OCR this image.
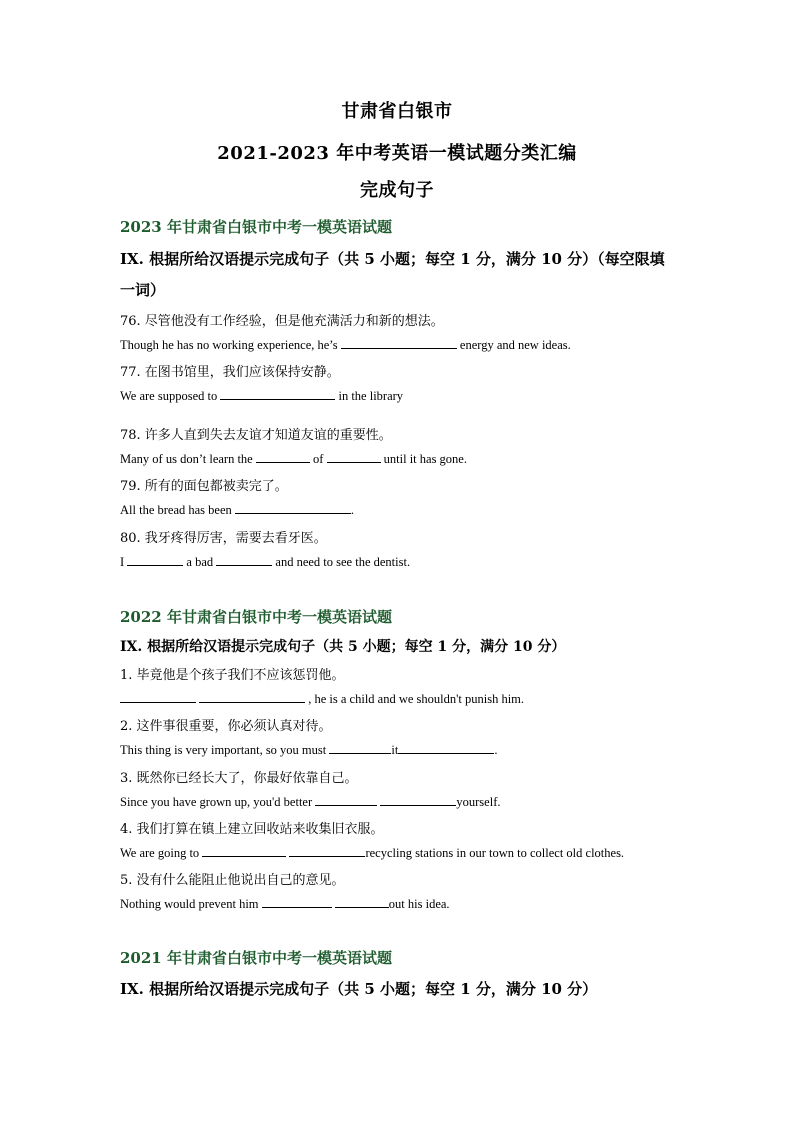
甘肃省白银市
2021-2023 年中考英语一模试题分类汇编
完成句子
2023 年甘肃省白银市中考一模英语试题
IX. 根据所给汉语提示完成句子（共 5 小题；每空 1 分，满分 10 分）（每空限填
一词）
76. 尽管他没有工作经验，但是他充满活力和新的想法。
Though he has no working experience, he’s	energy and new ideas.
77. 在图书馆里，我们应该保持安静。
We are supposed to	in the library
78. 许多人直到失去友谊才知道友谊的重要性。
Many of us don’t learn the	of	until it has gone.
79. 所有的面包都被卖完了。
All the bread has been	.
80. 我牙疼得厉害，需要去看牙医。
I	a bad	and need to see the dentist.
2022 年甘肃省白银市中考一模英语试题
IX. 根据所给汉语提示完成句子（共 5 小题；每空 1 分，满分 10 分）
1. 毕竟他是个孩子我们不应该惩罚他。
, he is a child and we shouldn't punish him.
2. 这件事很重要，你必须认真对待。
This thing is very important, so you must	it	.
3. 既然你已经长大了，你最好依靠自己。
Since you have grown up, you'd better	yourself.
4. 我们打算在镇上建立回收站来收集旧衣服。
We are going to	recycling stations in our town to collect old clothes.
5. 没有什么能阻止他说出自己的意见。
Nothing would prevent him	out his idea.
2021 年甘肃省白银市中考一模英语试题
IX. 根据所给汉语提示完成句子（共 5 小题；每空 1 分，满分 10 分）
